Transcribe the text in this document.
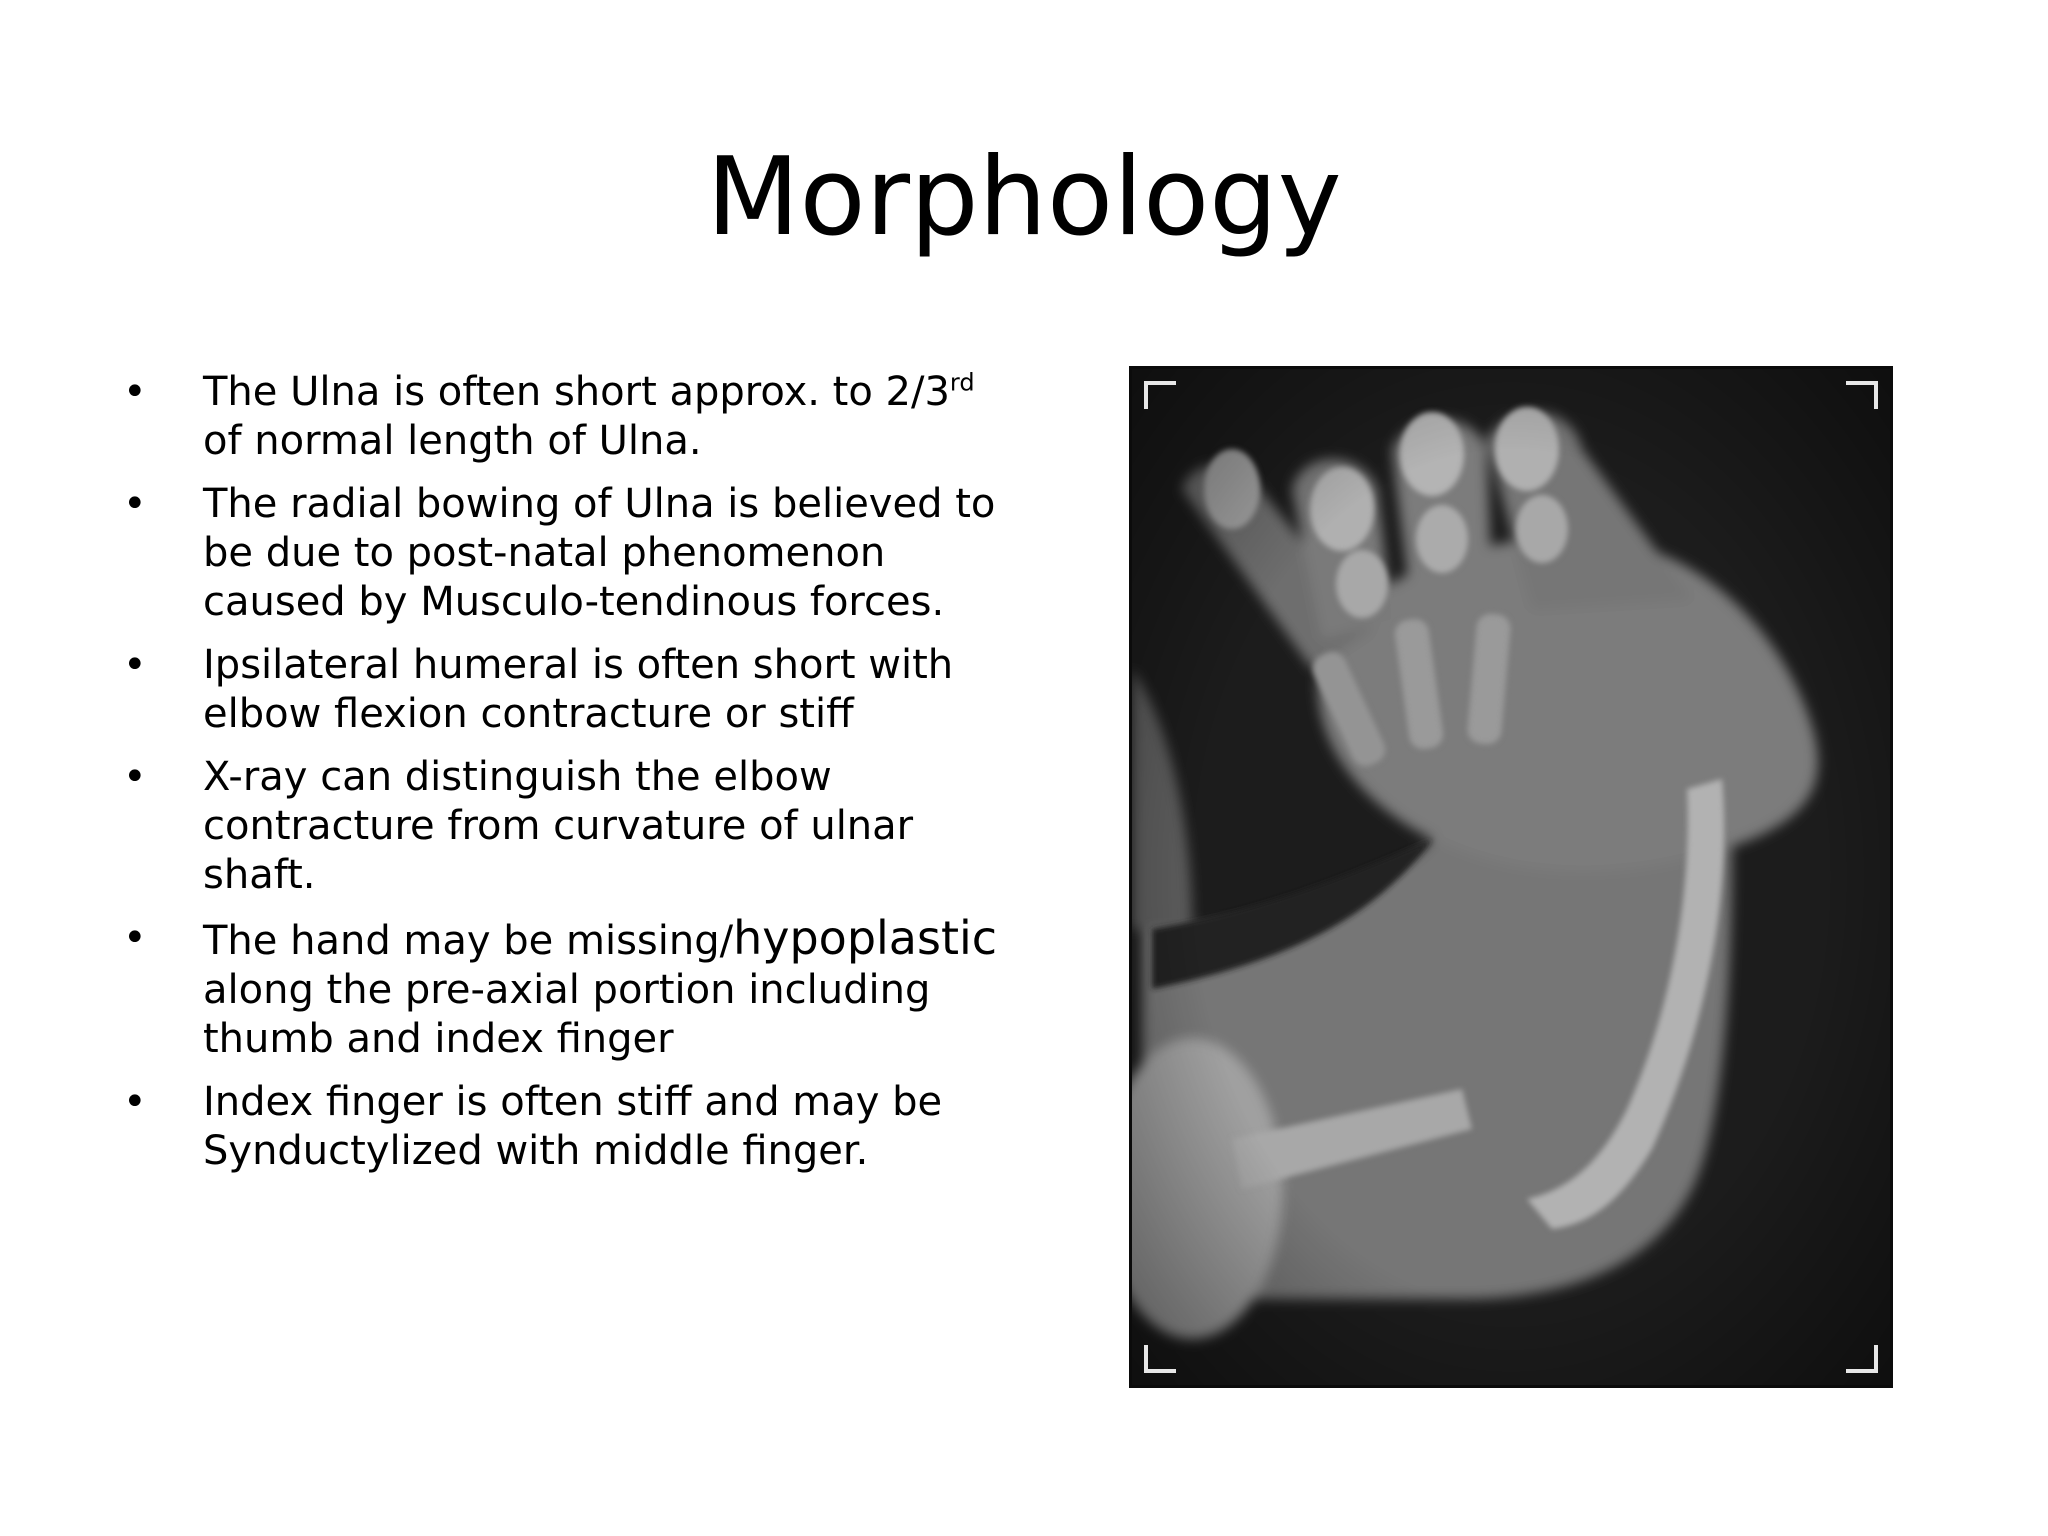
Morphology
• The Ulna is often short approx. to 2/3rd of normal length of Ulna.
• The radial bowing of Ulna is believed to be due to post-natal phenomenon caused by Musculo-tendinous forces.
• Ipsilateral humeral is often short with elbow flexion contracture or stiff
• X-ray can distinguish the elbow contracture from curvature of ulnar shaft.
• The hand may be missing/hypoplastic along the pre-axial portion including thumb and index finger
• Index finger is often stiff and may be Synductylized with middle finger.
